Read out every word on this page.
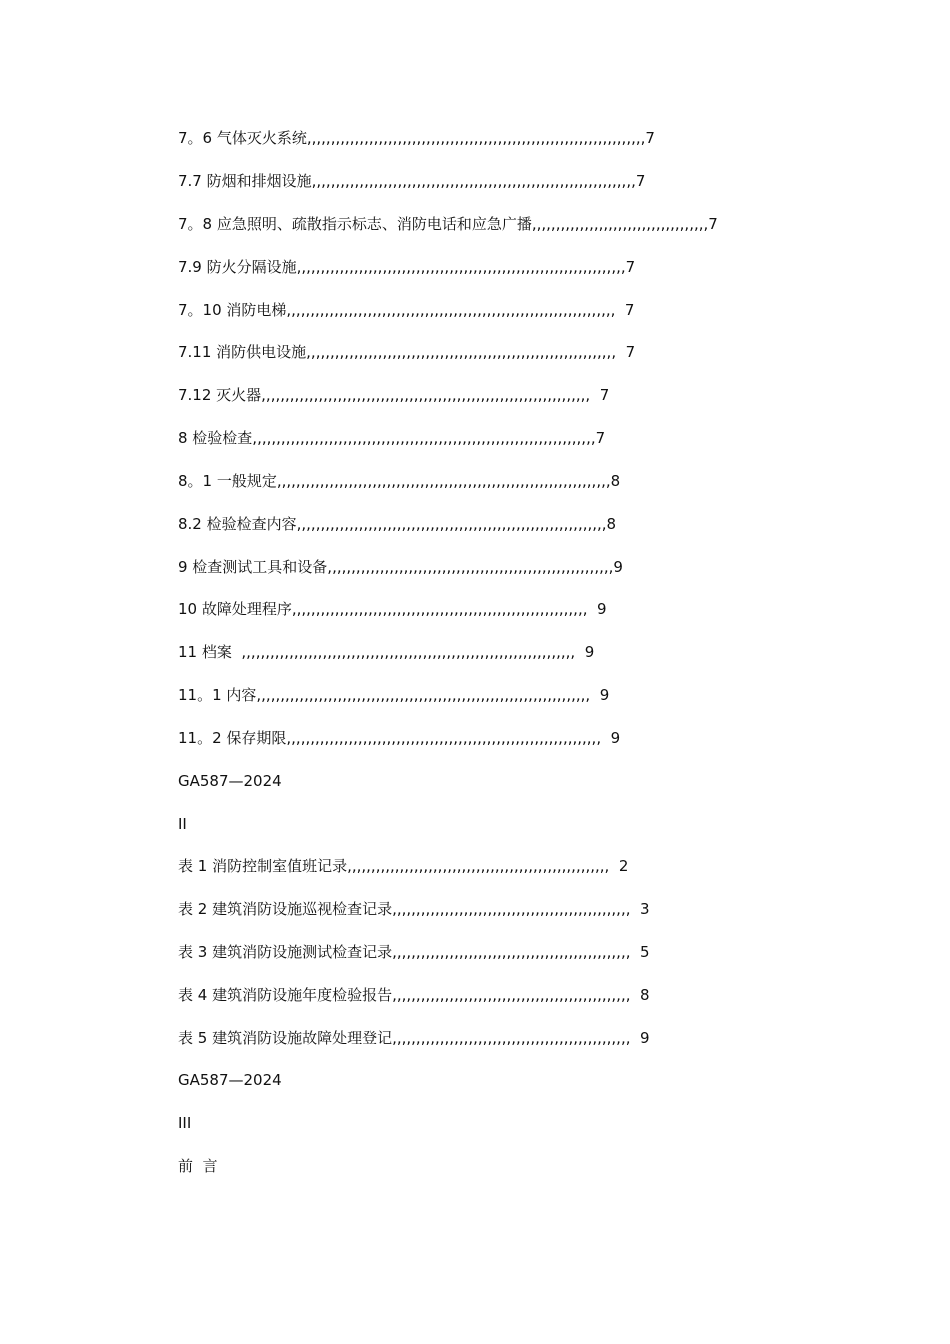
7。6 气体灭火系统,,,,,,,,,,,,,,,,,,,,,,,,,,,,,,,,,,,,,,,,,,,,,,,,,,,,,,,,,,,,,,,,,,,,,,,7
7.7 防烟和排烟设施,,,,,,,,,,,,,,,,,,,,,,,,,,,,,,,,,,,,,,,,,,,,,,,,,,,,,,,,,,,,,,,,,,,,7
7。8 应急照明、疏散指示标志、消防电话和应急广播,,,,,,,,,,,,,,,,,,,,,,,,,,,,,,,,,,,,,7
7.9 防火分隔设施,,,,,,,,,,,,,,,,,,,,,,,,,,,,,,,,,,,,,,,,,,,,,,,,,,,,,,,,,,,,,,,,,,,,,7
7。10 消防电梯,,,,,,,,,,,,,,,,,,,,,,,,,,,,,,,,,,,,,,,,,,,,,,,,,,,,,,,,,,,,,,,,,,,,,  7
7.11 消防供电设施,,,,,,,,,,,,,,,,,,,,,,,,,,,,,,,,,,,,,,,,,,,,,,,,,,,,,,,,,,,,,,,,,  7
7.12 灭火器,,,,,,,,,,,,,,,,,,,,,,,,,,,,,,,,,,,,,,,,,,,,,,,,,,,,,,,,,,,,,,,,,,,,,  7
8 检验检查,,,,,,,,,,,,,,,,,,,,,,,,,,,,,,,,,,,,,,,,,,,,,,,,,,,,,,,,,,,,,,,,,,,,,,,,7
8。1 一般规定,,,,,,,,,,,,,,,,,,,,,,,,,,,,,,,,,,,,,,,,,,,,,,,,,,,,,,,,,,,,,,,,,,,,,,8
8.2 检验检查内容,,,,,,,,,,,,,,,,,,,,,,,,,,,,,,,,,,,,,,,,,,,,,,,,,,,,,,,,,,,,,,,,,8
9 检查测试工具和设备,,,,,,,,,,,,,,,,,,,,,,,,,,,,,,,,,,,,,,,,,,,,,,,,,,,,,,,,,,,,9
10 故障处理程序,,,,,,,,,,,,,,,,,,,,,,,,,,,,,,,,,,,,,,,,,,,,,,,,,,,,,,,,,,,,,,  9
11 档案  ,,,,,,,,,,,,,,,,,,,,,,,,,,,,,,,,,,,,,,,,,,,,,,,,,,,,,,,,,,,,,,,,,,,,,,  9
11。1 内容,,,,,,,,,,,,,,,,,,,,,,,,,,,,,,,,,,,,,,,,,,,,,,,,,,,,,,,,,,,,,,,,,,,,,,  9
11。2 保存期限,,,,,,,,,,,,,,,,,,,,,,,,,,,,,,,,,,,,,,,,,,,,,,,,,,,,,,,,,,,,,,,,,,  9
GA587—2024
II
表 1 消防控制室值班记录,,,,,,,,,,,,,,,,,,,,,,,,,,,,,,,,,,,,,,,,,,,,,,,,,,,,,,,  2
表 2 建筑消防设施巡视检查记录,,,,,,,,,,,,,,,,,,,,,,,,,,,,,,,,,,,,,,,,,,,,,,,,,,  3
表 3 建筑消防设施测试检查记录,,,,,,,,,,,,,,,,,,,,,,,,,,,,,,,,,,,,,,,,,,,,,,,,,,  5
表 4 建筑消防设施年度检验报告,,,,,,,,,,,,,,,,,,,,,,,,,,,,,,,,,,,,,,,,,,,,,,,,,,  8
表 5 建筑消防设施故障处理登记,,,,,,,,,,,,,,,,,,,,,,,,,,,,,,,,,,,,,,,,,,,,,,,,,,  9
GA587—2024
III
前  言
